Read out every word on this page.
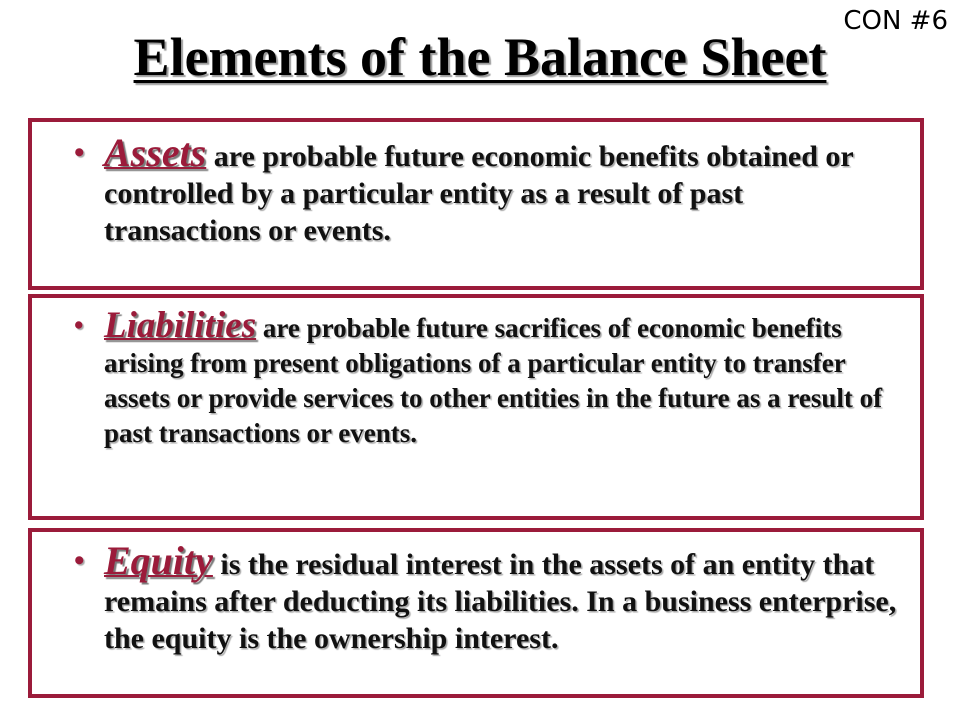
CON #6
Elements of the Balance Sheet
• Assets are probable future economic benefits obtained or controlled by a particular entity as a result of past transactions or events.
• Liabilities are probable future sacrifices of economic benefits arising from present obligations of a particular entity to transfer assets or provide services to other entities in the future as a result of past transactions or events.
• Equity is the residual interest in the assets of an entity that remains after deducting its liabilities. In a business enterprise, the equity is the ownership interest.
